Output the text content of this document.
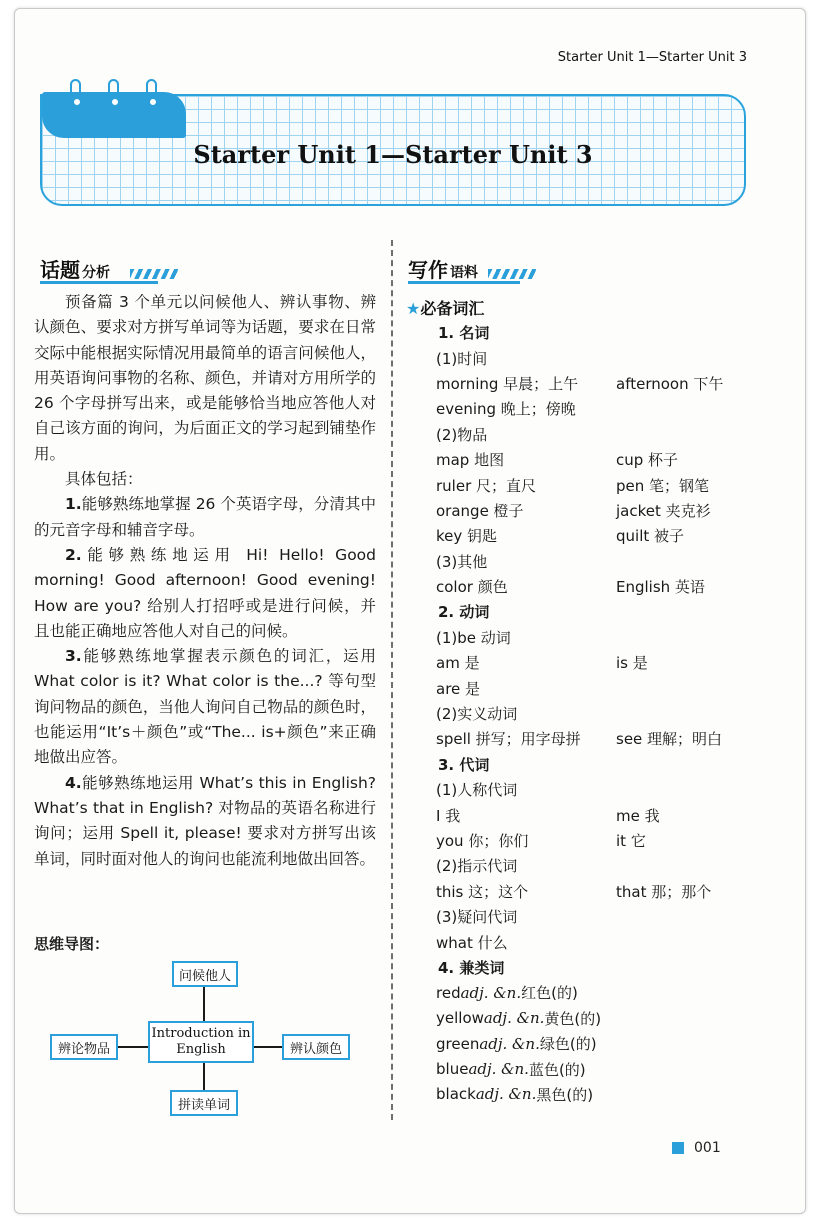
Starter Unit 1—Starter Unit 3
Starter Unit 1—Starter Unit 3
话题 分析

预备篇 3 个单元以问候他人、辨认事物、辨认颜色、要求对方拼写单词等为话题，要求在日常交际中能根据实际情况用最简单的语言问候他人，用英语询问事物的名称、颜色，并请对方用所学的 26 个字母拼写出来，或是能够恰当地应答他人对自己该方面的询问，为后面正文的学习起到铺垫作用。

具体包括：

1.能够熟练地掌握 26 个英语字母，分清其中的元音字母和辅音字母。

2.能够熟练地运用 Hi! Hello! Good morning! Good afternoon! Good evening! How are you? 给别人打招呼或是进行问候，并且也能正确地应答他人对自己的问候。

3.能够熟练地掌握表示颜色的词汇，运用 What color is it? What color is the...? 等句型询问物品的颜色，当他人询问自己物品的颜色时，也能运用“It’s＋颜色”或“The... is+颜色”来正确地做出应答。

4.能够熟练地运用 What’s this in English? What’s that in English? 对物品的英语名称进行询问；运用 Spell it, please! 要求对方拼写出该单词，同时面对他人的询问也能流利地做出回答。

思维导图：
问候他人
Introduction in English
辨论物品	辨认颜色
拼读单词
写作 语料
★必备词汇
1. 名词
(1)时间
morning 早晨；上午	afternoon 下午
evening 晚上；傍晚
(2)物品
map 地图	cup 杯子
ruler 尺；直尺	pen 笔；钢笔
orange 橙子	jacket 夹克衫
key 钥匙	quilt 被子
(3)其他
color 颜色	English 英语
2. 动词
(1)be 动词
am 是	is 是
are 是
(2)实义动词
spell 拼写；用字母拼	see 理解；明白
3. 代词
(1)人称代词
I 我	me 我
you 你；你们	it 它
(2)指示代词
this 这；这个	that 那；那个
(3)疑问代词
what 什么
4. 兼类词
red adj. &n. 红色(的)
yellow adj. &n. 黄色(的)
green adj. &n. 绿色(的)
blue adj. &n. 蓝色(的)
black adj. &n. 黑色(的)
001
